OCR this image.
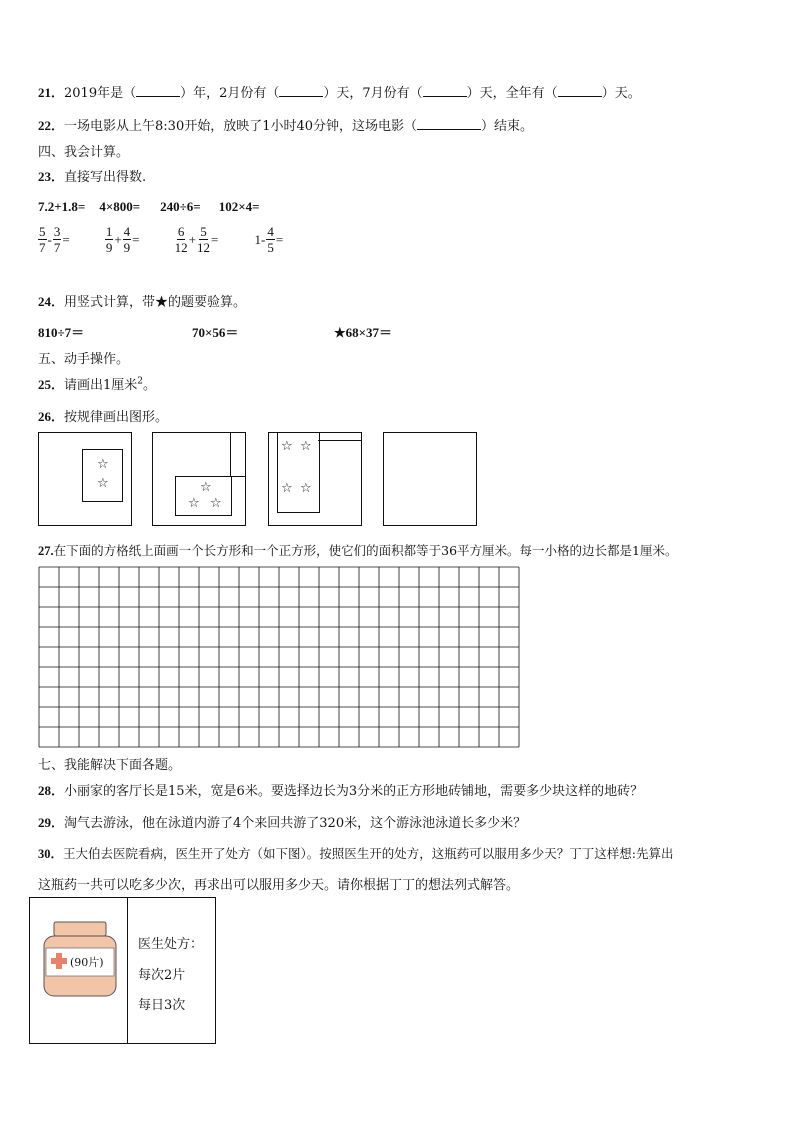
21．2019年是（	）年，2月份有（	）天，7月份有（	）天，全年有（	）天。
22．一场电影从上午8:30开始，放映了1小时40分钟，这场电影（	）结束。
四、我会计算。
23．直接写出得数.
7.2+1.8= 4×800= 240÷6= 102×4=
$\frac{5}{7} - \frac{3}{7}$ =	$\frac{1}{9} + \frac{4}{9}$ =	$\frac{6}{12} + \frac{5}{12}$ =	$1- \frac{4}{5}$ =
24．用竖式计算，带★的题要验算。
810÷7＝	70×56＝	★68×37＝
五、动手操作。
25．请画出1厘米$^2$。
26．按规律画出图形。
☆
☆	☆
☆ ☆
☆ ☆
☆ ☆
27.在下面的方格纸上面画一个长方形和一个正方形，使它们的面积都等于36平方厘米。每一小格的边长都是1厘米。
七、我能解决下面各题。
28．小丽家的客厅长是15米，宽是6米。要选择边长为3分米的正方形地砖铺地，需要多少块这样的地砖？
29．淘气去游泳，他在泳道内游了4个来回共游了320米，这个游泳池泳道长多少米？
30．王大伯去医院看病，医生开了处方（如下图）。按照医生开的处方，这瓶药可以服用多少天？丁丁这样想:先算出
这瓶药一共可以吃多少次，再求出可以服用多少天。请你根据丁丁的想法列式解答。
(90片)
医生处方：
每次2片
每日3次
